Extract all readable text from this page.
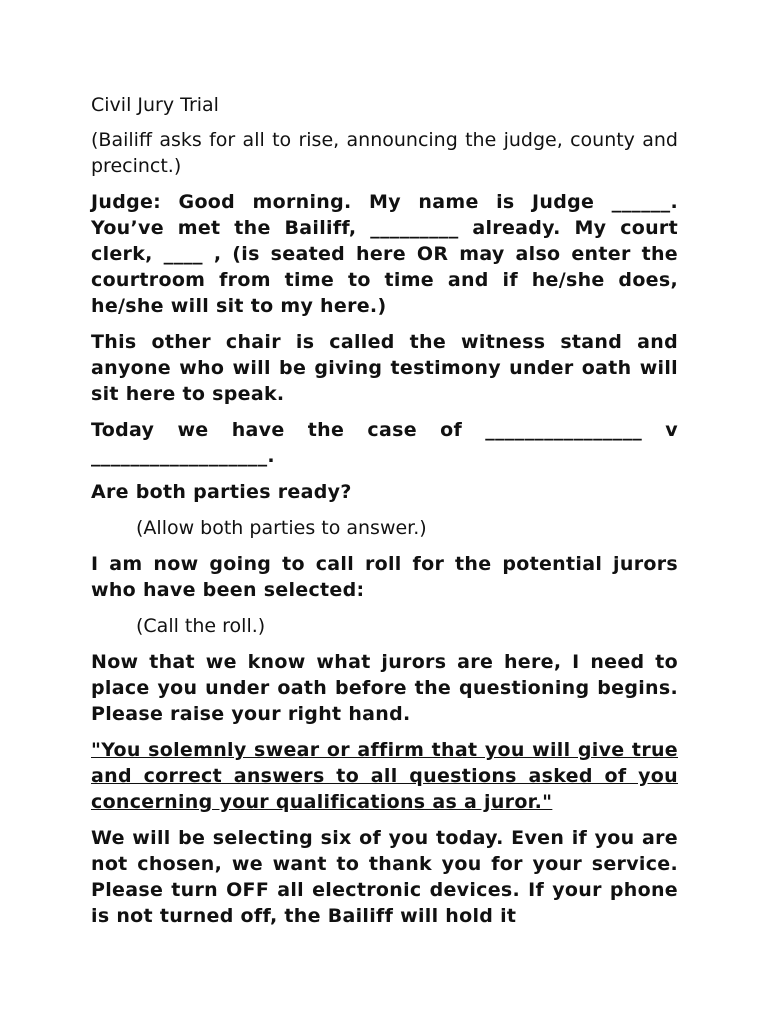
Civil Jury Trial

(Bailiff asks for all to rise, announcing the judge, county and precinct.)

Judge: Good morning. My name is Judge ______. You’ve met the Bailiff, _________ already. My court clerk, ____ , (is seated here OR may also enter the courtroom from time to time and if he/she does, he/she will sit to my here.)

This other chair is called the witness stand and anyone who will be giving testimony under oath will sit here to speak.

Today we have the case of ________________ v
__________________.

Are both parties ready?

(Allow both parties to answer.)

I am now going to call roll for the potential jurors who have been selected:

(Call the roll.)

Now that we know what jurors are here, I need to place you under oath before the questioning begins. Please raise your right hand.

"You solemnly swear or affirm that you will give true and correct answers to all questions asked of you concerning your qualifications as a juror."

We will be selecting six of you today. Even if you are not chosen, we want to thank you for your service. Please turn OFF all electronic devices. If your phone is not turned off, the Bailiff will hold it
